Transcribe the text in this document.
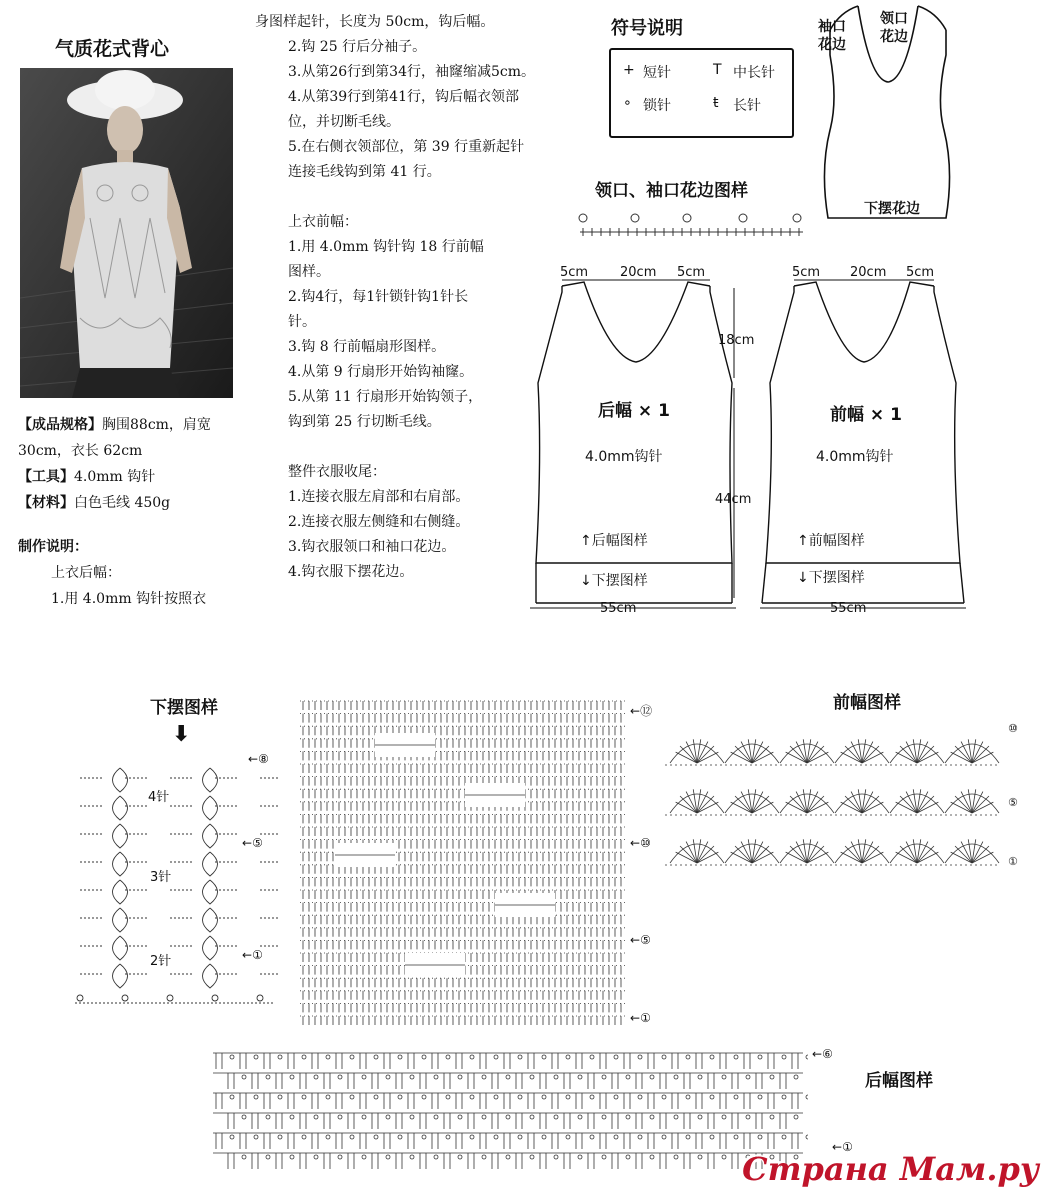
气质花式背心
【成品规格】胸围88cm，肩宽
30cm，衣长 62cm
【工具】4.0mm 钩针
【材料】白色毛线 450g
制作说明：
上衣后幅：
1.用 4.0mm 钩针按照衣

身图样起针，长度为 50cm，钩后幅。

2.钩 25 行后分袖子。

3.从第26行到第34行，袖窿缩减5cm。

4.从第39行到第41行，钩后幅衣领部

位，并切断毛线。

5.在右侧衣领部位，第 39 行重新起针

连接毛线钩到第 41 行。

上衣前幅：

1.用 4.0mm 钩针钩 18 行前幅

图样。

2.钩4行，每1针锁针钩1针长

针。

3.钩 8 行前幅扇形图样。

4.从第 9 行扇形开始钩袖窿。

5.从第 11 行扇形开始钩领子，

钩到第 25 行切断毛线。

整件衣服收尾：

1.连接衣服左肩部和右肩部。

2.连接衣服左侧缝和右侧缝。

3.钩衣服领口和袖口花边。

4.钩衣服下摆花边。

符号说明
+ 短针	T 中长针
∘ 锁针	ŧ 长针
袖口
花边
领口
花边
下摆花边
领口、袖口花边图样
5cm 20cm 5cm
18cm
44cm
后幅 × 1
4.0mm钩针
↑后幅图样
↓下摆图样
55cm
5cm 20cm 5cm
前幅 × 1
4.0mm钩针
↑前幅图样
↓下摆图样
55cm
下摆图样
⬇
4针
3针
2针
←⑧
←⑤
←①
←⑫
←⑩
←⑤
←①
前幅图样
⑩
⑤
①
←⑥
←①
后幅图样
Страна Мам.ру
